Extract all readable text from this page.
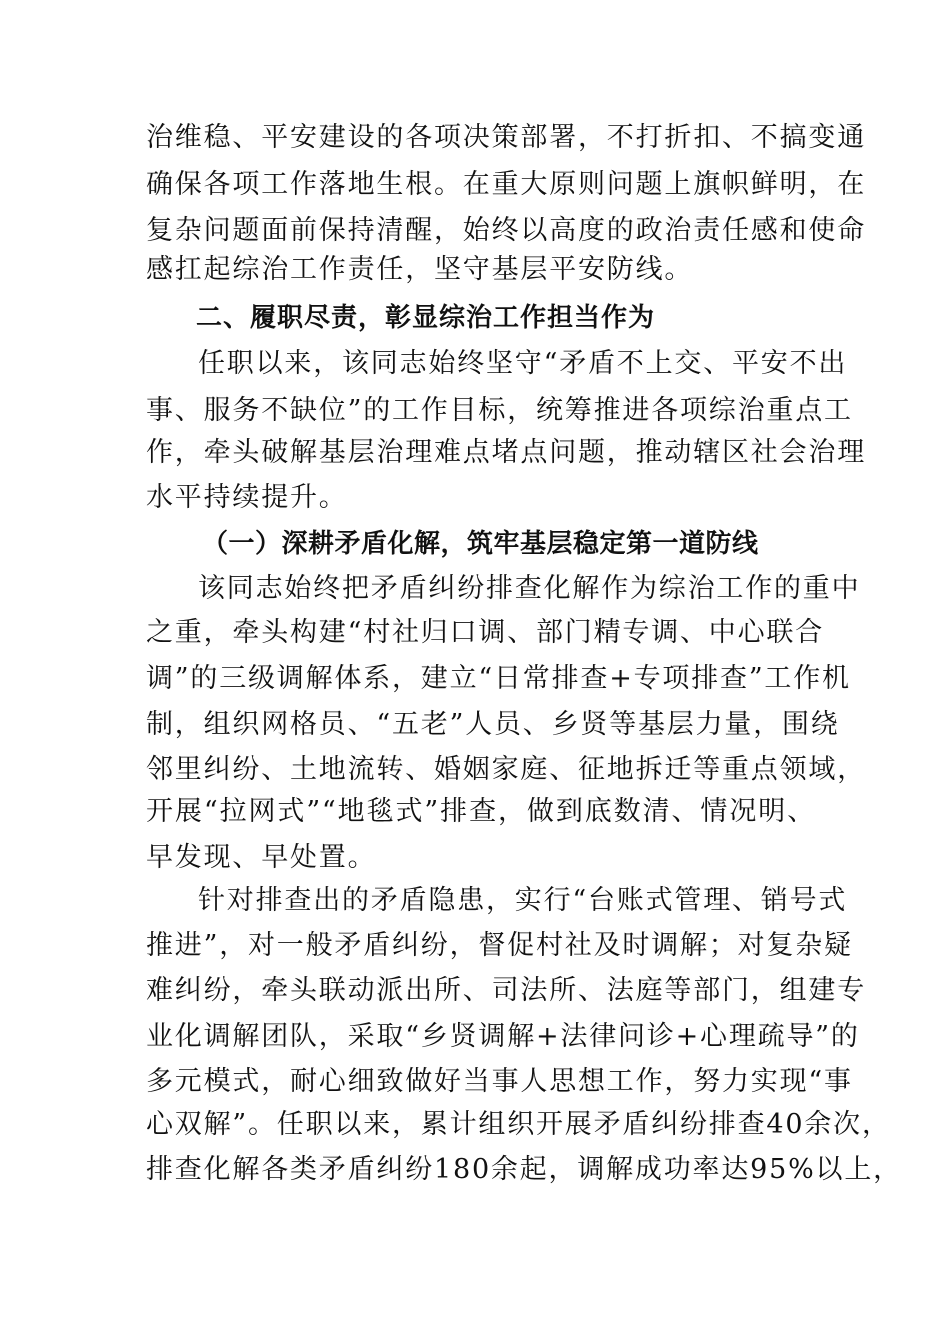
治维稳、平安建设的各项决策部署，不打折扣、不搞变通
确保各项工作落地生根。在重大原则问题上旗帜鲜明，在
复杂问题面前保持清醒，始终以高度的政治责任感和使命
感扛起综治工作责任，坚守基层平安防线。
二、履职尽责，彰显综治工作担当作为
任职以来，该同志始终坚守“矛盾不上交、平安不出
事、服务不缺位”的工作目标，统筹推进各项综治重点工
作，牵头破解基层治理难点堵点问题，推动辖区社会治理
水平持续提升。
（一）深耕矛盾化解，筑牢基层稳定第一道防线
该同志始终把矛盾纠纷排查化解作为综治工作的重中
之重，牵头构建“村社归口调、部门精专调、中心联合
调”的三级调解体系，建立“日常排查+专项排查”工作机
制，组织网格员、“五老”人员、乡贤等基层力量，围绕
邻里纠纷、土地流转、婚姻家庭、征地拆迁等重点领域，
开展“拉网式”“地毯式”排查，做到底数清、情况明、
早发现、早处置。
针对排查出的矛盾隐患，实行“台账式管理、销号式
推进”，对一般矛盾纠纷，督促村社及时调解；对复杂疑
难纠纷，牵头联动派出所、司法所、法庭等部门，组建专
业化调解团队，采取“乡贤调解+法律问诊+心理疏导”的
多元模式，耐心细致做好当事人思想工作，努力实现“事
心双解”。任职以来，累计组织开展矛盾纠纷排查40余次，
排查化解各类矛盾纠纷180余起，调解成功率达95%以上，
